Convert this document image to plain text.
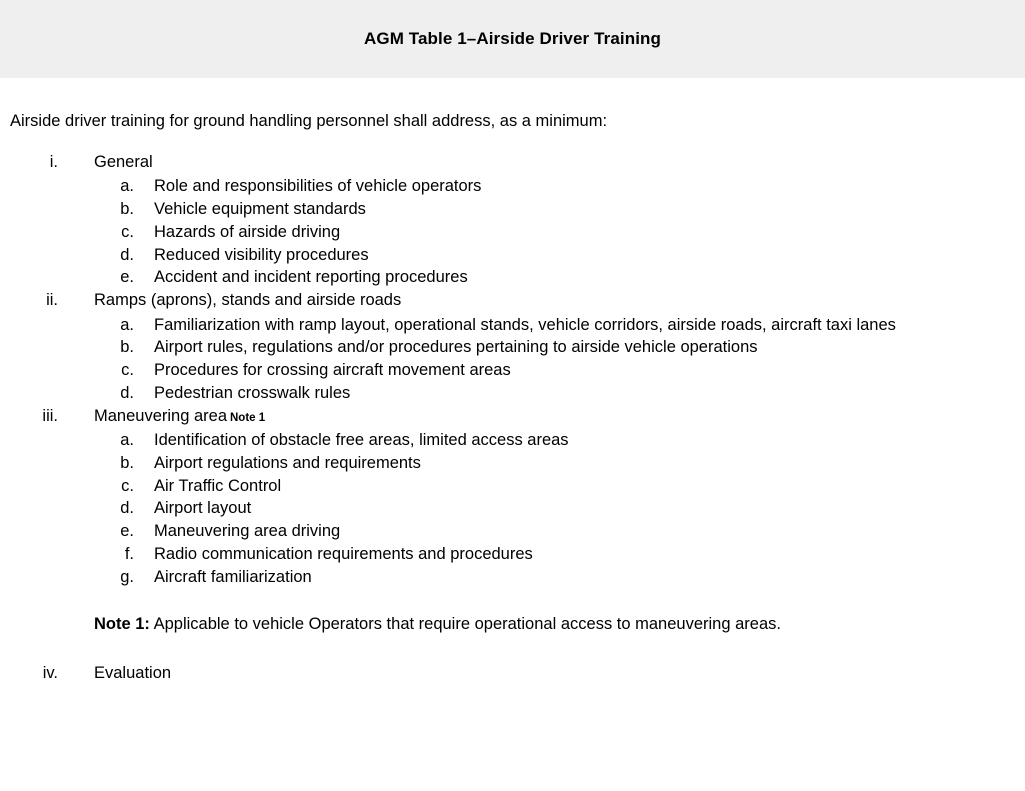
AGM Table 1–Airside Driver Training
Airside driver training for ground handling personnel shall address, as a minimum:
i. General
a. Role and responsibilities of vehicle operators
b. Vehicle equipment standards
c. Hazards of airside driving
d. Reduced visibility procedures
e. Accident and incident reporting procedures
ii. Ramps (aprons), stands and airside roads
a. Familiarization with ramp layout, operational stands, vehicle corridors, airside roads, aircraft taxi lanes
b. Airport rules, regulations and/or procedures pertaining to airside vehicle operations
c. Procedures for crossing aircraft movement areas
d. Pedestrian crosswalk rules
iii. Maneuvering area Note 1
a. Identification of obstacle free areas, limited access areas
b. Airport regulations and requirements
c. Air Traffic Control
d. Airport layout
e. Maneuvering area driving
f. Radio communication requirements and procedures
g. Aircraft familiarization
Note 1: Applicable to vehicle Operators that require operational access to maneuvering areas.
iv. Evaluation
